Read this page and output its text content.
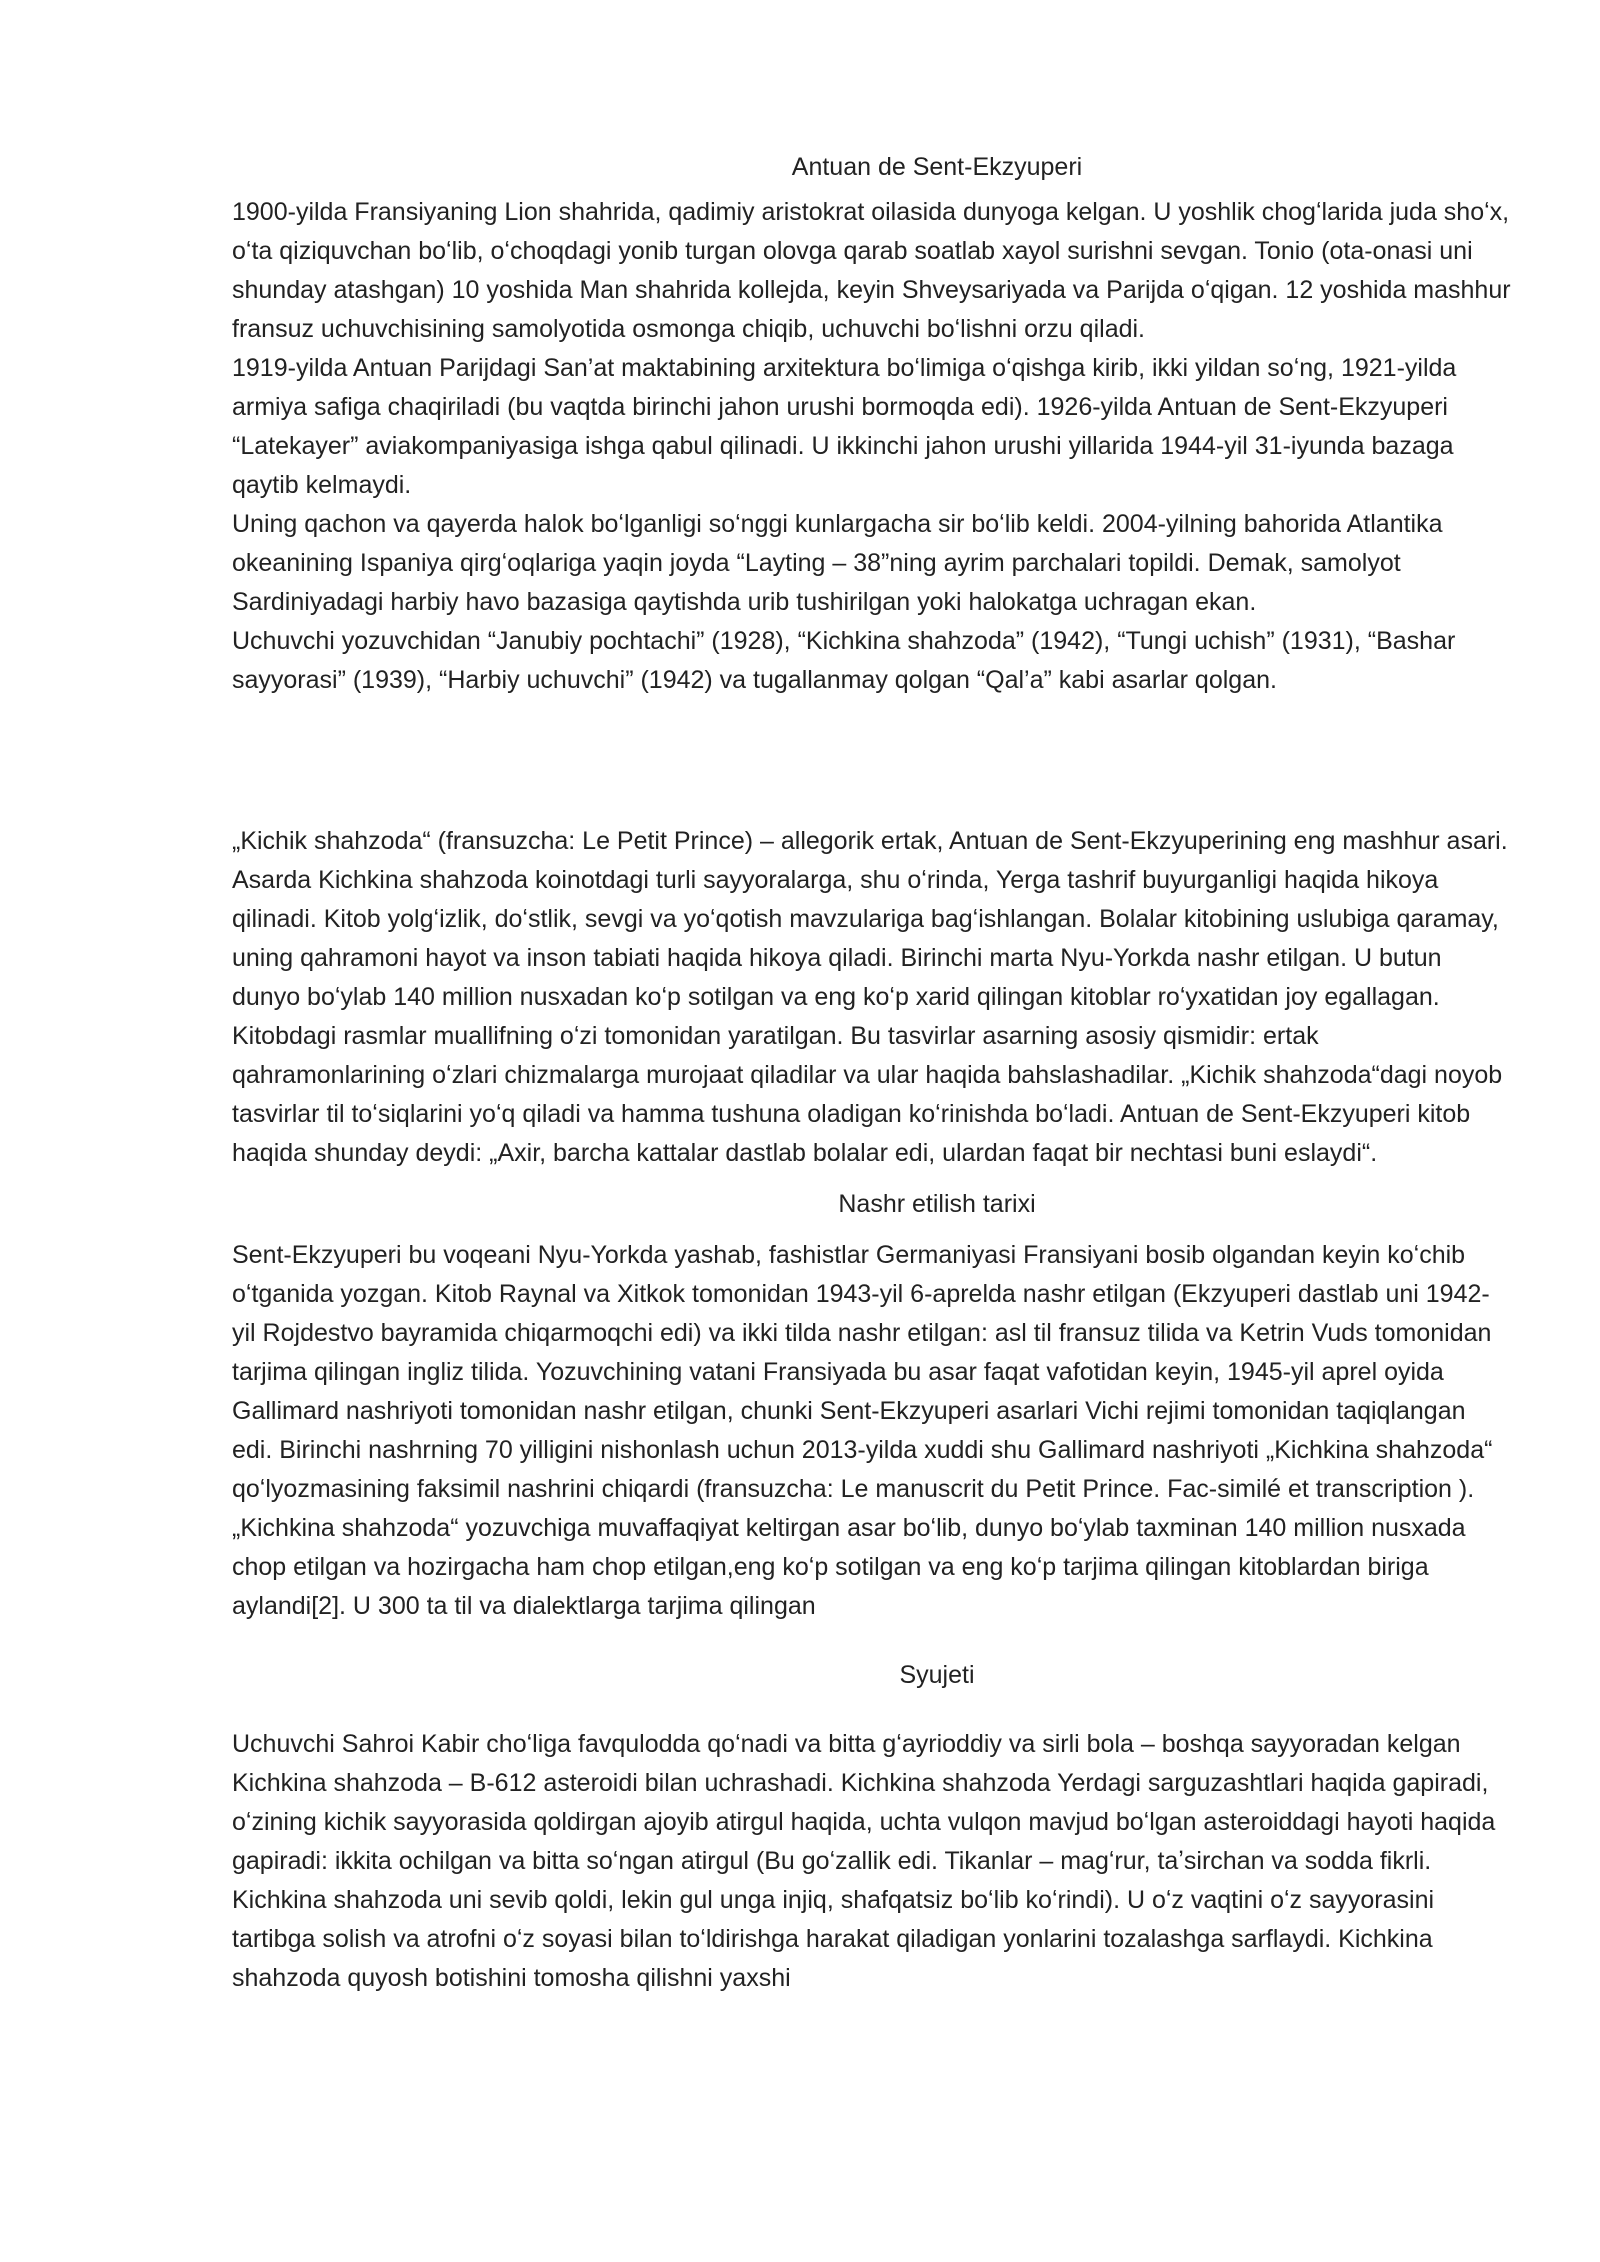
Antuan de Sent-Ekzyuperi

1900-yilda Fransiyaning Lion shahrida, qadimiy aristokrat oilasida dunyoga kelgan. U yoshlik chogʻlarida juda shoʻx, oʻta qiziquvchan boʻlib, oʻchoqdagi yonib turgan olovga qarab soatlab xayol surishni sevgan. Tonio (ota-onasi uni shunday atashgan) 10 yoshida Man shahrida kollejda, keyin Shveysariyada va Parijda oʻqigan. 12 yoshida mashhur fransuz uchuvchisining samolyotida osmonga chiqib, uchuvchi boʻlishni orzu qiladi.

1919-yilda Antuan Parijdagi San’at maktabining arxitektura boʻlimiga oʻqishga kirib, ikki yildan soʻng, 1921-yilda armiya safiga chaqiriladi (bu vaqtda birinchi jahon urushi bormoqda edi). 1926-yilda Antuan de Sent-Ekzyuperi “Latekayer” aviakompaniyasiga ishga qabul qilinadi. U ikkinchi jahon urushi yillarida 1944-yil 31-iyunda bazaga qaytib kelmaydi.

Uning qachon va qayerda halok boʻlganligi soʻnggi kunlargacha sir boʻlib keldi. 2004-yilning bahorida Atlantika okeanining Ispaniya qirgʻoqlariga yaqin joyda “Layting – 38”ning ayrim parchalari topildi. Demak, samolyot Sardiniyadagi harbiy havo bazasiga qaytishda urib tushirilgan yoki halokatga uchragan ekan.

Uchuvchi yozuvchidan “Janubiy pochtachi” (1928), “Kichkina shahzoda” (1942), “Tungi uchish” (1931), “Bashar sayyorasi” (1939), “Harbiy uchuvchi” (1942) va tugallanmay qolgan “Qal’a” kabi asarlar qolgan.

„Kichik shahzoda“ (fransuzcha: Le Petit Prince) – allegorik ertak, Antuan de Sent-Ekzyuperining eng mashhur asari. Asarda Kichkina shahzoda koinotdagi turli sayyoralarga, shu oʻrinda, Yerga tashrif buyurganligi haqida hikoya qilinadi. Kitob yolgʻizlik, doʻstlik, sevgi va yoʻqotish mavzulariga bagʻishlangan. Bolalar kitobining uslubiga qaramay, uning qahramoni hayot va inson tabiati haqida hikoya qiladi. Birinchi marta Nyu-Yorkda nashr etilgan. U butun dunyo boʻylab 140 million nusxadan koʻp sotilgan va eng koʻp xarid qilingan kitoblar roʻyxatidan joy egallagan. Kitobdagi rasmlar muallifning oʻzi tomonidan yaratilgan. Bu tasvirlar asarning asosiy qismidir: ertak qahramonlarining oʻzlari chizmalarga murojaat qiladilar va ular haqida bahslashadilar. „Kichik shahzoda“dagi noyob tasvirlar til toʻsiqlarini yoʻq qiladi va hamma tushuna oladigan koʻrinishda boʻladi. Antuan de Sent-Ekzyuperi kitob haqida shunday deydi: „Axir, barcha kattalar dastlab bolalar edi, ulardan faqat bir nechtasi buni eslaydi“.

Nashr etilish tarixi

Sent-Ekzyuperi bu voqeani Nyu-Yorkda yashab, fashistlar Germaniyasi Fransiyani bosib olgandan keyin koʻchib oʻtganida yozgan. Kitob Raynal va Xitkok tomonidan 1943-yil 6-aprelda nashr etilgan (Ekzyuperi dastlab uni 1942-yil Rojdestvo bayramida chiqarmoqchi edi) va ikki tilda nashr etilgan: asl til fransuz tilida va Ketrin Vuds tomonidan tarjima qilingan ingliz tilida. Yozuvchining vatani Fransiyada bu asar faqat vafotidan keyin, 1945-yil aprel oyida Gallimard nashriyoti tomonidan nashr etilgan, chunki Sent-Ekzyuperi asarlari Vichi rejimi tomonidan taqiqlangan edi. Birinchi nashrning 70 yilligini nishonlash uchun 2013-yilda xuddi shu Gallimard nashriyoti „Kichkina shahzoda“ qoʻlyozmasining faksimil nashrini chiqardi (fransuzcha: Le manuscrit du Petit Prince. Fac-similé et transcription ). „Kichkina shahzoda“ yozuvchiga muvaffaqiyat keltirgan asar boʻlib, dunyo boʻylab taxminan 140 million nusxada chop etilgan va hozirgacha ham chop etilgan,eng koʻp sotilgan va eng koʻp tarjima qilingan kitoblardan biriga aylandi[2]. U 300 ta til va dialektlarga tarjima qilingan

Syujeti

Uchuvchi Sahroi Kabir choʻliga favqulodda qoʻnadi va bitta gʻayrioddiy va sirli bola – boshqa sayyoradan kelgan Kichkina shahzoda – B-612 asteroidi bilan uchrashadi. Kichkina shahzoda Yerdagi sarguzashtlari haqida gapiradi, oʻzining kichik sayyorasida qoldirgan ajoyib atirgul haqida, uchta vulqon mavjud boʻlgan asteroiddagi hayoti haqida gapiradi: ikkita ochilgan va bitta soʻngan atirgul (Bu goʻzallik edi. Tikanlar – magʻrur, taʼsirchan va sodda fikrli. Kichkina shahzoda uni sevib qoldi, lekin gul unga injiq, shafqatsiz boʻlib koʻrindi). U oʻz vaqtini oʻz sayyorasini tartibga solish va atrofni oʻz soyasi bilan toʻldirishga harakat qiladigan yonlarini tozalashga sarflaydi. Kichkina shahzoda quyosh botishini tomosha qilishni yaxshi
